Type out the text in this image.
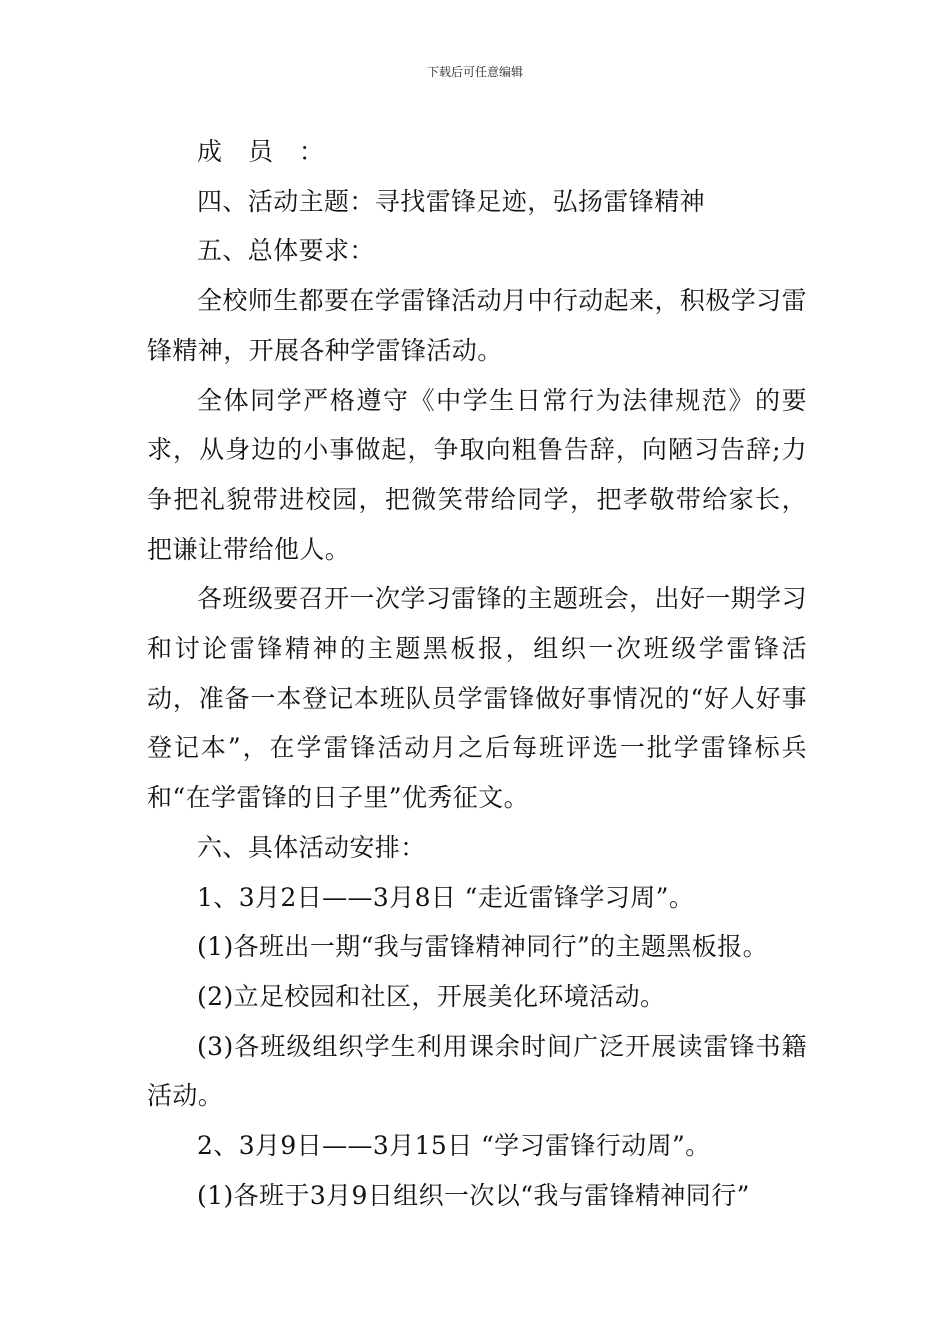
下载后可任意编辑

成 员 ：

四、活动主题：寻找雷锋足迹，弘扬雷锋精神

五、总体要求：

全校师生都要在学雷锋活动月中行动起来，积极学习雷锋精神，开展各种学雷锋活动。

全体同学严格遵守《中学生日常行为法律规范》的要求，从身边的小事做起，争取向粗鲁告辞，向陋习告辞;力争把礼貌带进校园，把微笑带给同学，把孝敬带给家长，把谦让带给他人。

各班级要召开一次学习雷锋的主题班会，出好一期学习和讨论雷锋精神的主题黑板报，组织一次班级学雷锋活动，准备一本登记本班队员学雷锋做好事情况的“好人好事登记本”，在学雷锋活动月之后每班评选一批学雷锋标兵和“在学雷锋的日子里”优秀征文。

六、具体活动安排：

1、3月2日——3月8日 “走近雷锋学习周”。

(1)各班出一期“我与雷锋精神同行”的主题黑板报。

(2)立足校园和社区，开展美化环境活动。

(3)各班级组织学生利用课余时间广泛开展读雷锋书籍活动。

2、3月9日——3月15日 “学习雷锋行动周”。

(1)各班于3月9日组织一次以“我与雷锋精神同行”
